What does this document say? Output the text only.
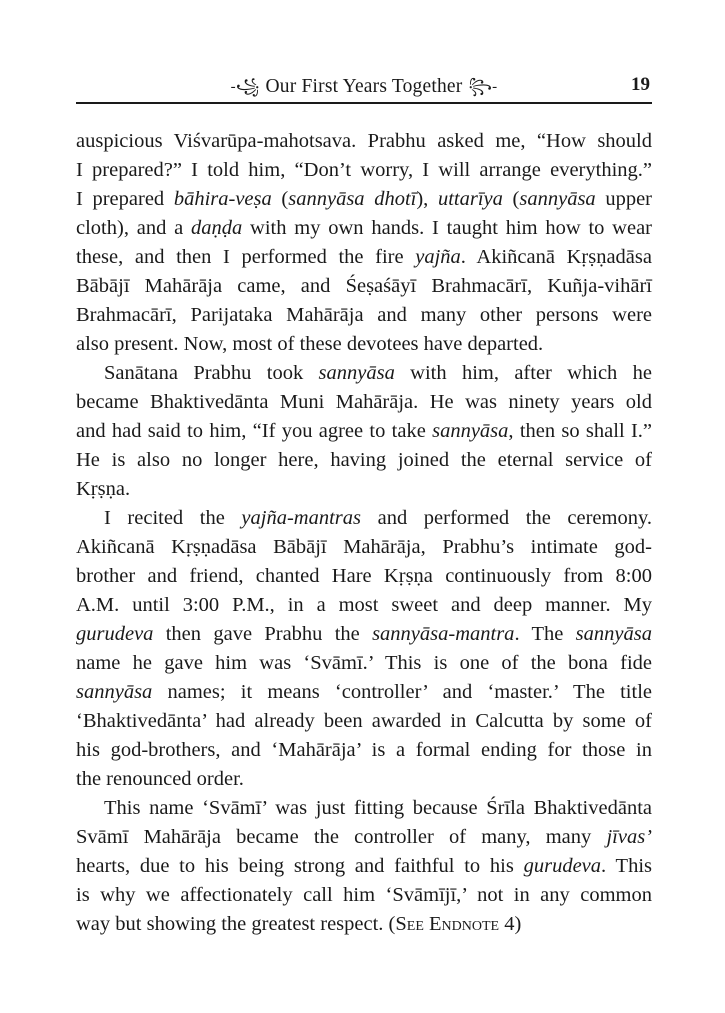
-꧁ Our First Years Together ꧂-	19
auspicious Viśvarūpa-mahotsava. Prabhu asked me, “How should
I prepared?” I told him, “Don’t worry, I will arrange everything.”
I prepared bāhira-veṣa (sannyāsa dhotī), uttarīya (sannyāsa upper
cloth), and a daṇḍa with my own hands. I taught him how to wear
these, and then I performed the fire yajña. Akiñcanā Kṛṣṇadāsa
Bābājī Mahārāja came, and Śeṣaśāyī Brahmacārī, Kuñja-vihārī
Brahmacārī, Parijataka Mahārāja and many other persons were
also present. Now, most of these devotees have departed.
Sanātana Prabhu took sannyāsa with him, after which he
became Bhaktivedānta Muni Mahārāja. He was ninety years old
and had said to him, “If you agree to take sannyāsa, then so shall I.”
He is also no longer here, having joined the eternal service of
Kṛṣṇa.
I recited the yajña-mantras and performed the ceremony.
Akiñcanā Kṛṣṇadāsa Bābājī Mahārāja, Prabhu’s intimate god-
brother and friend, chanted Hare Kṛṣṇa continuously from 8:00
A.M. until 3:00 P.M., in a most sweet and deep manner. My
gurudeva then gave Prabhu the sannyāsa-mantra. The sannyāsa
name he gave him was ‘Svāmī.’ This is one of the bona fide
sannyāsa names; it means ‘controller’ and ‘master.’ The title
‘Bhaktivedānta’ had already been awarded in Calcutta by some of
his god-brothers, and ‘Mahārāja’ is a formal ending for those in
the renounced order.
This name ‘Svāmī’ was just fitting because Śrīla Bhaktivedānta
Svāmī Mahārāja became the controller of many, many jīvas’
hearts, due to his being strong and faithful to his gurudeva. This
is why we affectionately call him ‘Svāmījī,’ not in any common
way but showing the greatest respect. (See Endnote 4)
